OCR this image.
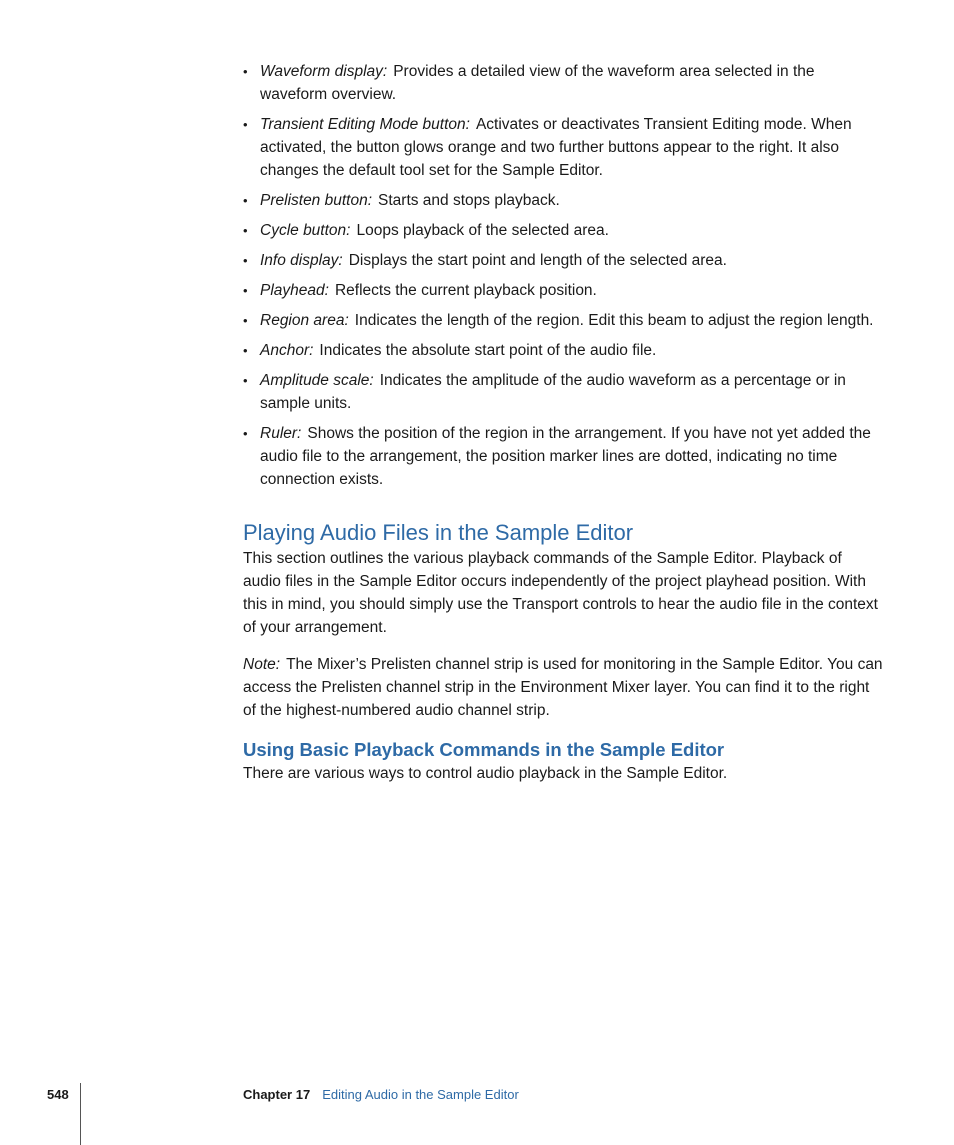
• Waveform display: Provides a detailed view of the waveform area selected in the waveform overview.
• Transient Editing Mode button: Activates or deactivates Transient Editing mode. When activated, the button glows orange and two further buttons appear to the right. It also changes the default tool set for the Sample Editor.
• Prelisten button: Starts and stops playback.
• Cycle button: Loops playback of the selected area.
• Info display: Displays the start point and length of the selected area.
• Playhead: Reflects the current playback position.
• Region area: Indicates the length of the region. Edit this beam to adjust the region length.
• Anchor: Indicates the absolute start point of the audio file.
• Amplitude scale: Indicates the amplitude of the audio waveform as a percentage or in sample units.
• Ruler: Shows the position of the region in the arrangement. If you have not yet added the audio file to the arrangement, the position marker lines are dotted, indicating no time connection exists.
Playing Audio Files in the Sample Editor

This section outlines the various playback commands of the Sample Editor. Playback of audio files in the Sample Editor occurs independently of the project playhead position. With this in mind, you should simply use the Transport controls to hear the audio file in the context of your arrangement.

Note: The Mixer’s Prelisten channel strip is used for monitoring in the Sample Editor. You can access the Prelisten channel strip in the Environment Mixer layer. You can find it to the right of the highest-numbered audio channel strip.

Using Basic Playback Commands in the Sample Editor

There are various ways to control audio playback in the Sample Editor.

548	Chapter 17 Editing Audio in the Sample Editor
